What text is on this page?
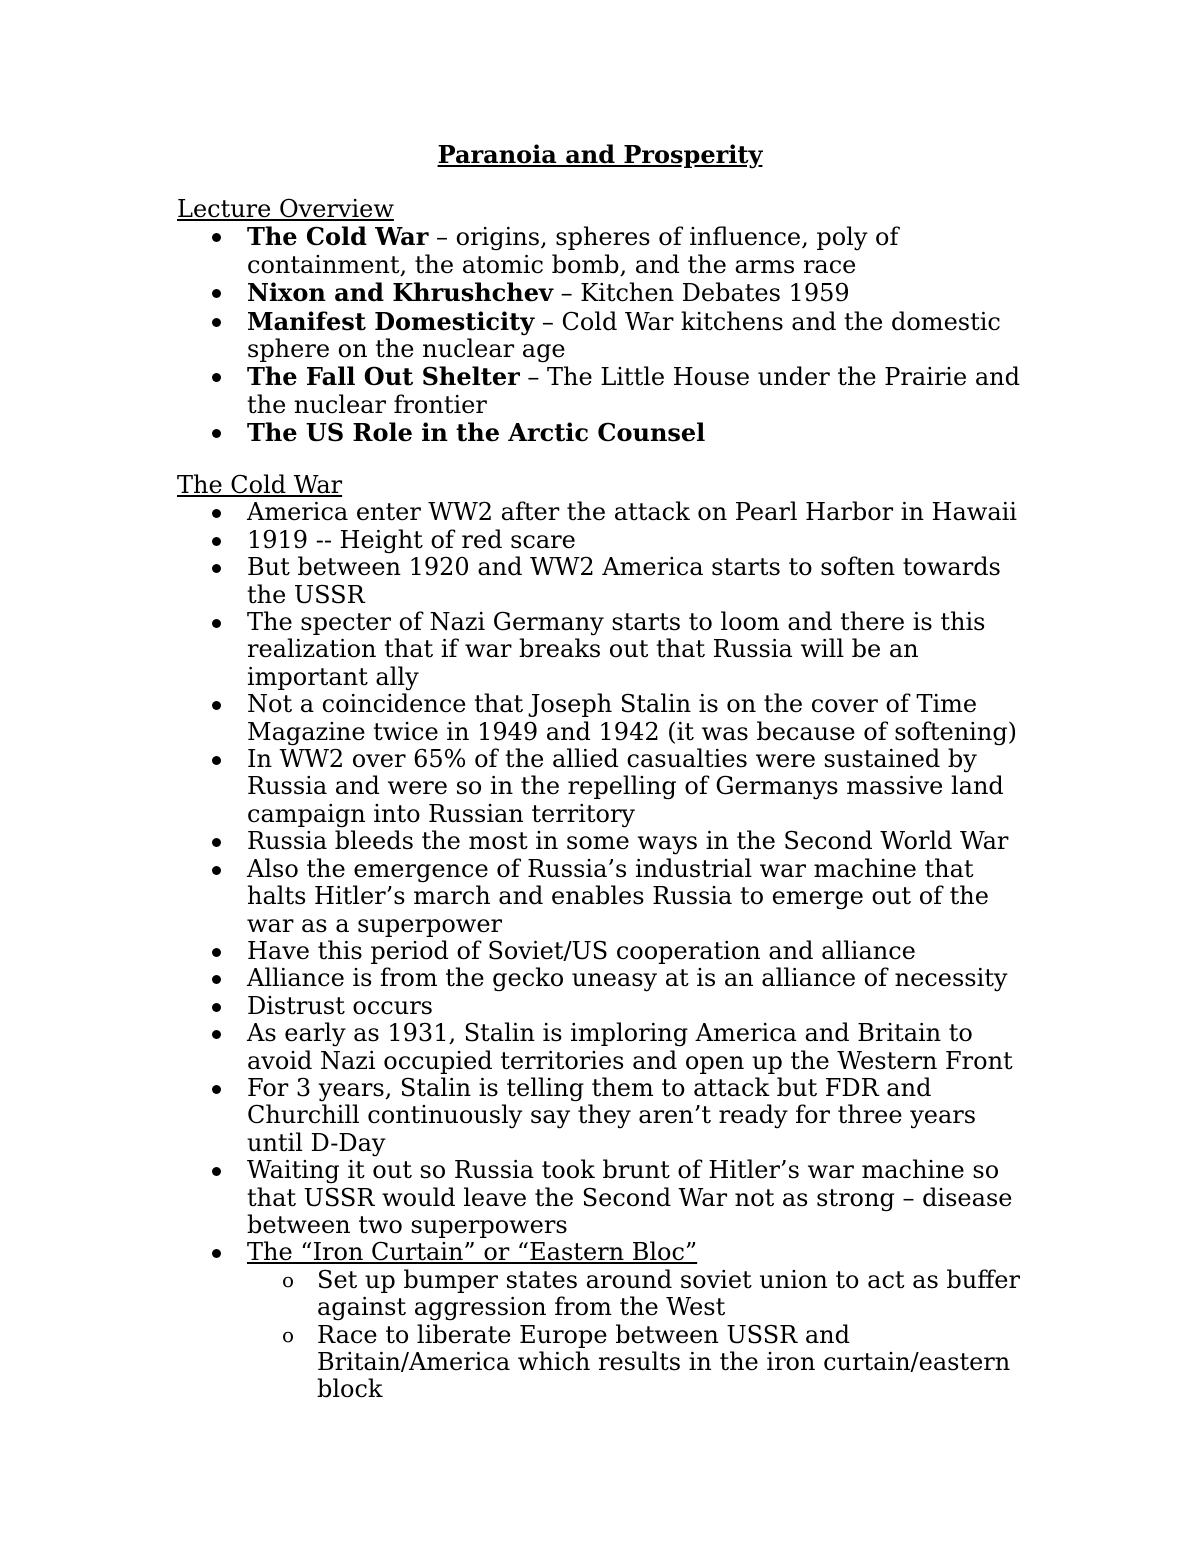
Paranoia and Prosperity
Lecture Overview
The Cold War – origins, spheres of influence, poly of containment, the atomic bomb, and the arms race
Nixon and Khrushchev – Kitchen Debates 1959
Manifest Domesticity – Cold War kitchens and the domestic sphere on the nuclear age
The Fall Out Shelter – The Little House under the Prairie and the nuclear frontier
The US Role in the Arctic Counsel
The Cold War
America enter WW2 after the attack on Pearl Harbor in Hawaii
1919 -- Height of red scare
But between 1920 and WW2 America starts to soften towards the USSR
The specter of Nazi Germany starts to loom and there is this realization that if war breaks out that Russia will be an important ally
Not a coincidence that Joseph Stalin is on the cover of Time Magazine twice in 1949 and 1942 (it was because of softening)
In WW2 over 65% of the allied casualties were sustained by Russia and were so in the repelling of Germanys massive land campaign into Russian territory
Russia bleeds the most in some ways in the Second World War
Also the emergence of Russia’s industrial war machine that halts Hitler’s march and enables Russia to emerge out of the war as a superpower
Have this period of Soviet/US cooperation and alliance
Alliance is from the gecko uneasy at is an alliance of necessity
Distrust occurs
As early as 1931, Stalin is imploring America and Britain to avoid Nazi occupied territories and open up the Western Front
For 3 years, Stalin is telling them to attack but FDR and Churchill continuously say they aren’t ready for three years until D-Day
Waiting it out so Russia took brunt of Hitler’s war machine so that USSR would leave the Second War not as strong – disease between two superpowers
The “Iron Curtain” or “Eastern Bloc”
o Set up bumper states around soviet union to act as buffer against aggression from the West
o Race to liberate Europe between USSR and Britain/America which results in the iron curtain/eastern block
